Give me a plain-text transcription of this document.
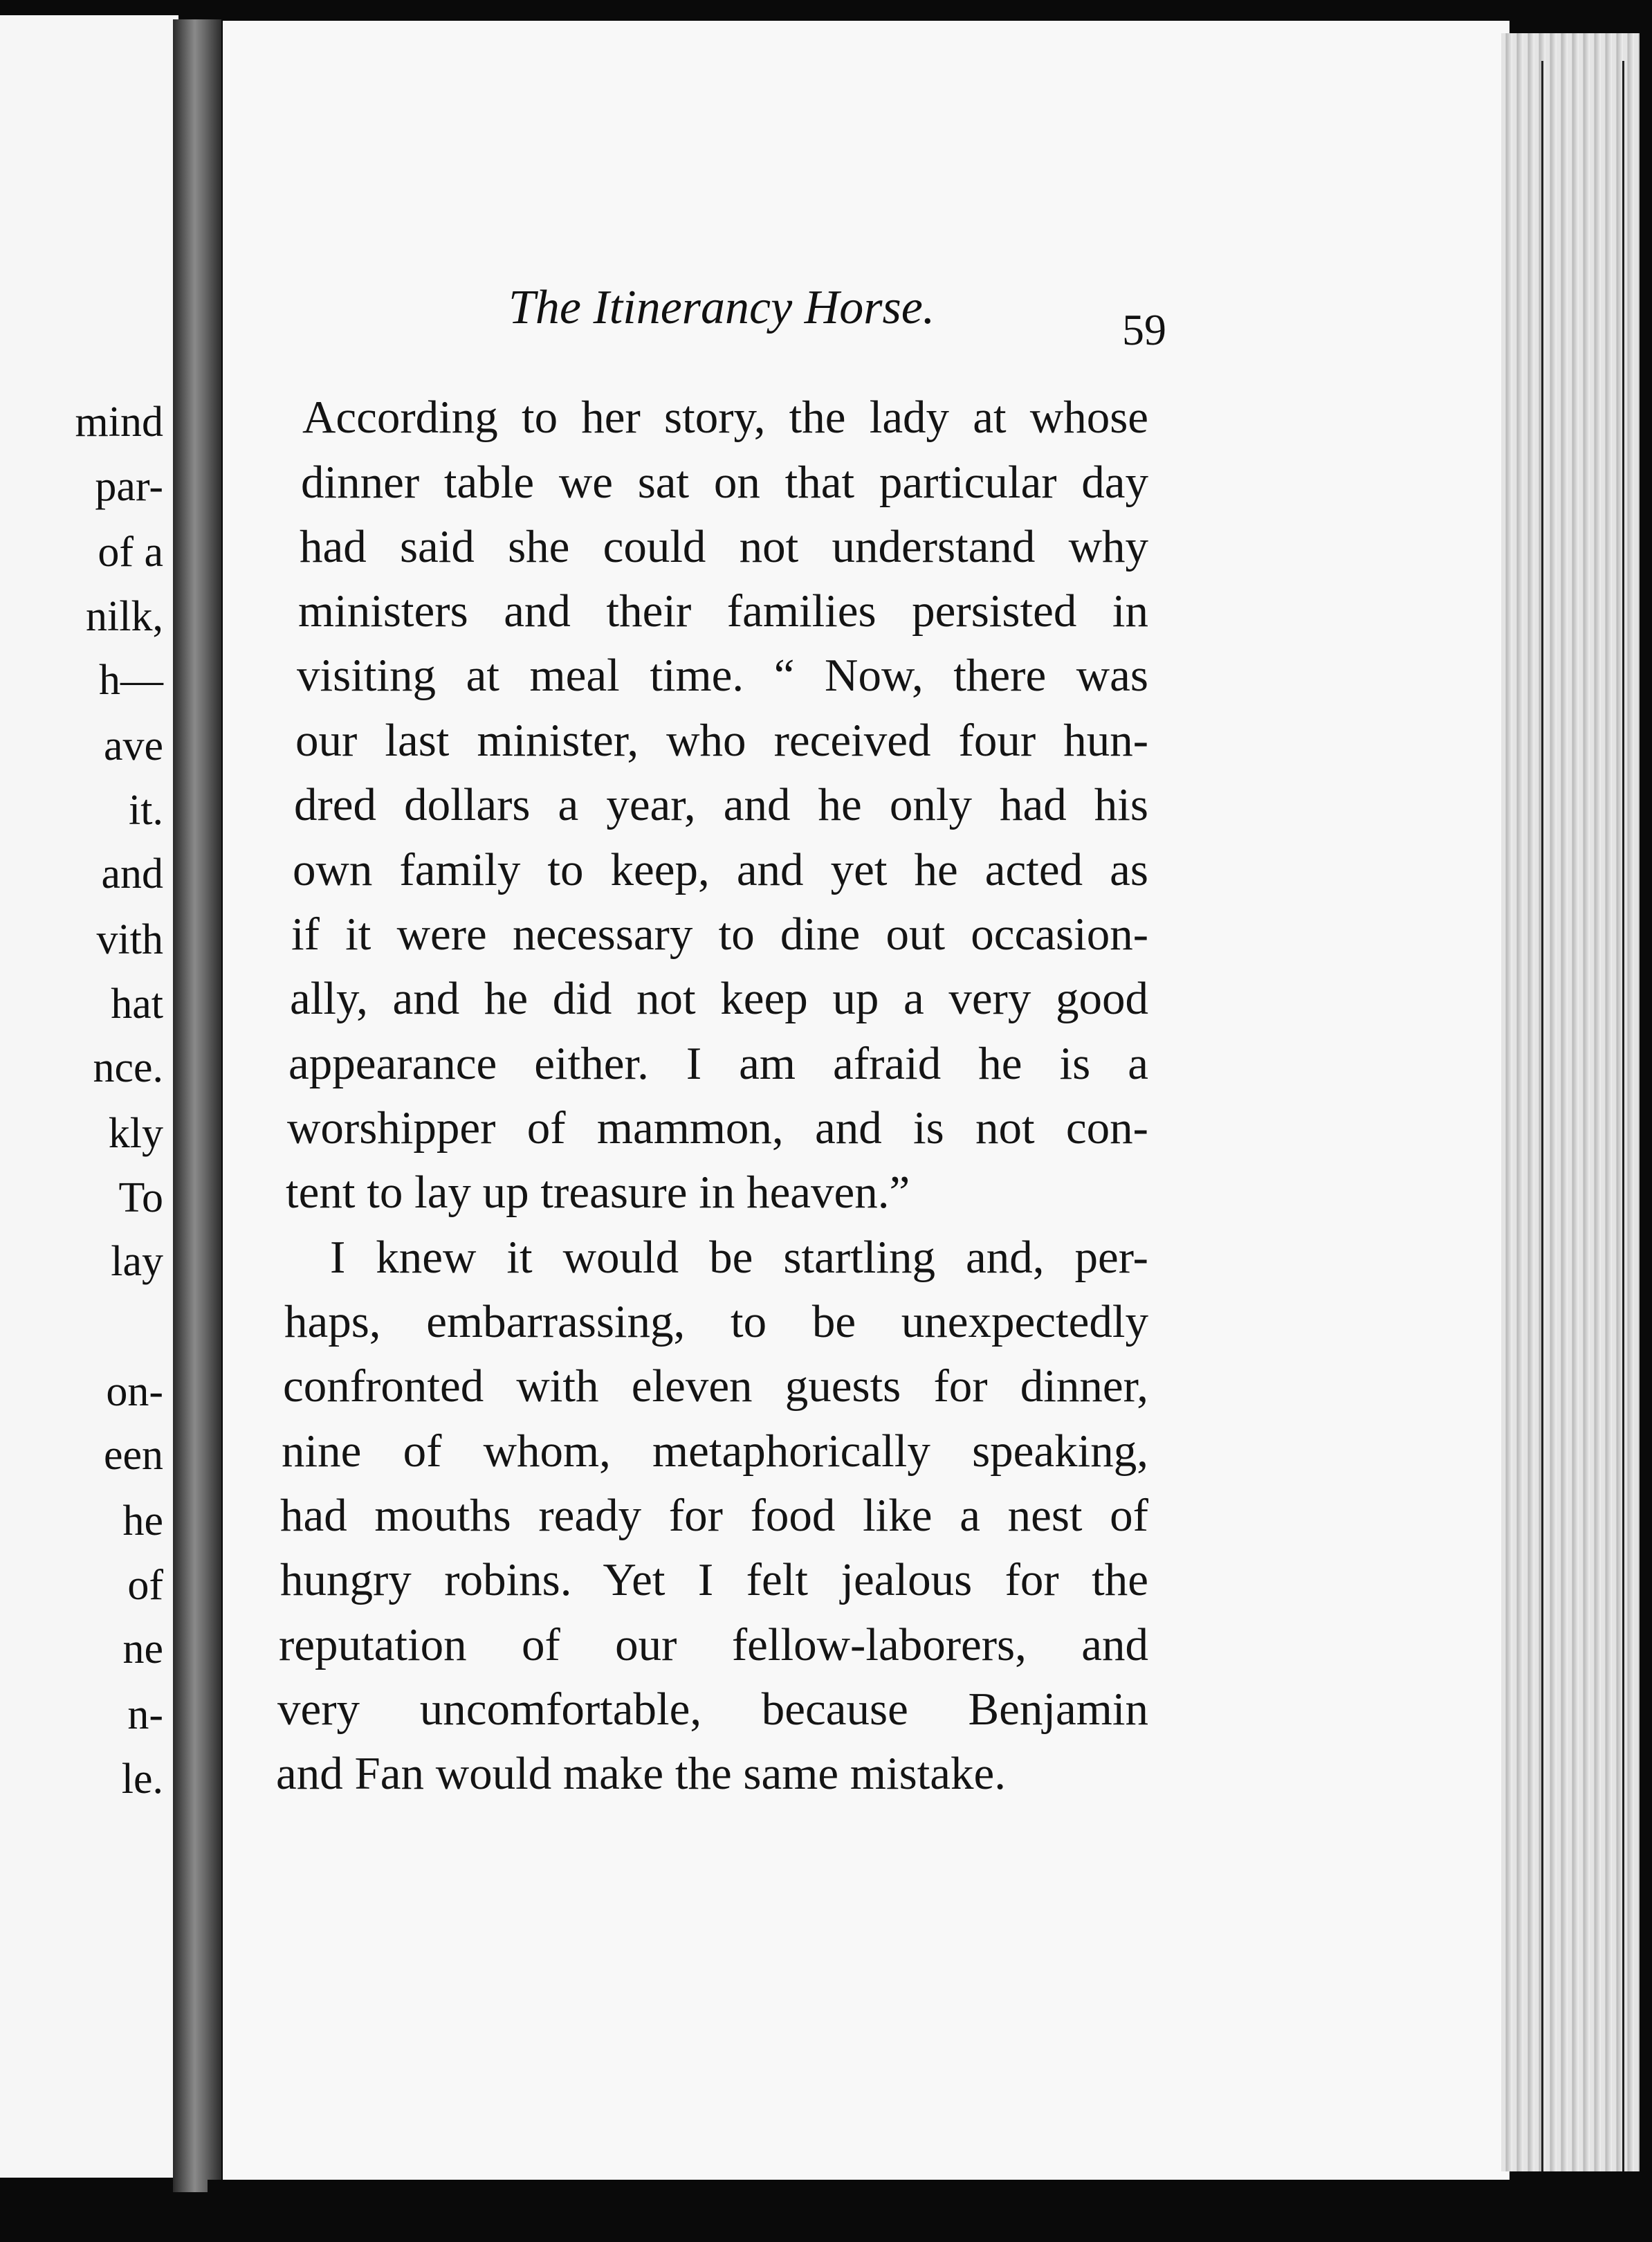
mind
par-
of a
nilk,
h—
ave
it.
and
vith
hat
nce.
kly
To
lay
on-
een
he
of
ne
n-
le.
The Itinerancy Horse.	59
According to her story, the lady at whose
dinner table we sat on that particular day
had said she could not understand why
ministers and their families persisted in
visiting at meal time. “ Now, there was
our last minister, who received four hun-
dred dollars a year, and he only had his
own family to keep, and yet he acted as
if it were necessary to dine out occasion-
ally, and he did not keep up a very good
appearance either. I am afraid he is a
worshipper of mammon, and is not con-
tent to lay up treasure in heaven.”
I knew it would be startling and, per-
haps, embarrassing, to be unexpectedly
confronted with eleven guests for dinner,
nine of whom, metaphorically speaking,
had mouths ready for food like a nest of
hungry robins. Yet I felt jealous for the
reputation of our fellow-laborers, and
very uncomfortable, because Benjamin
and Fan would make the same mistake.
